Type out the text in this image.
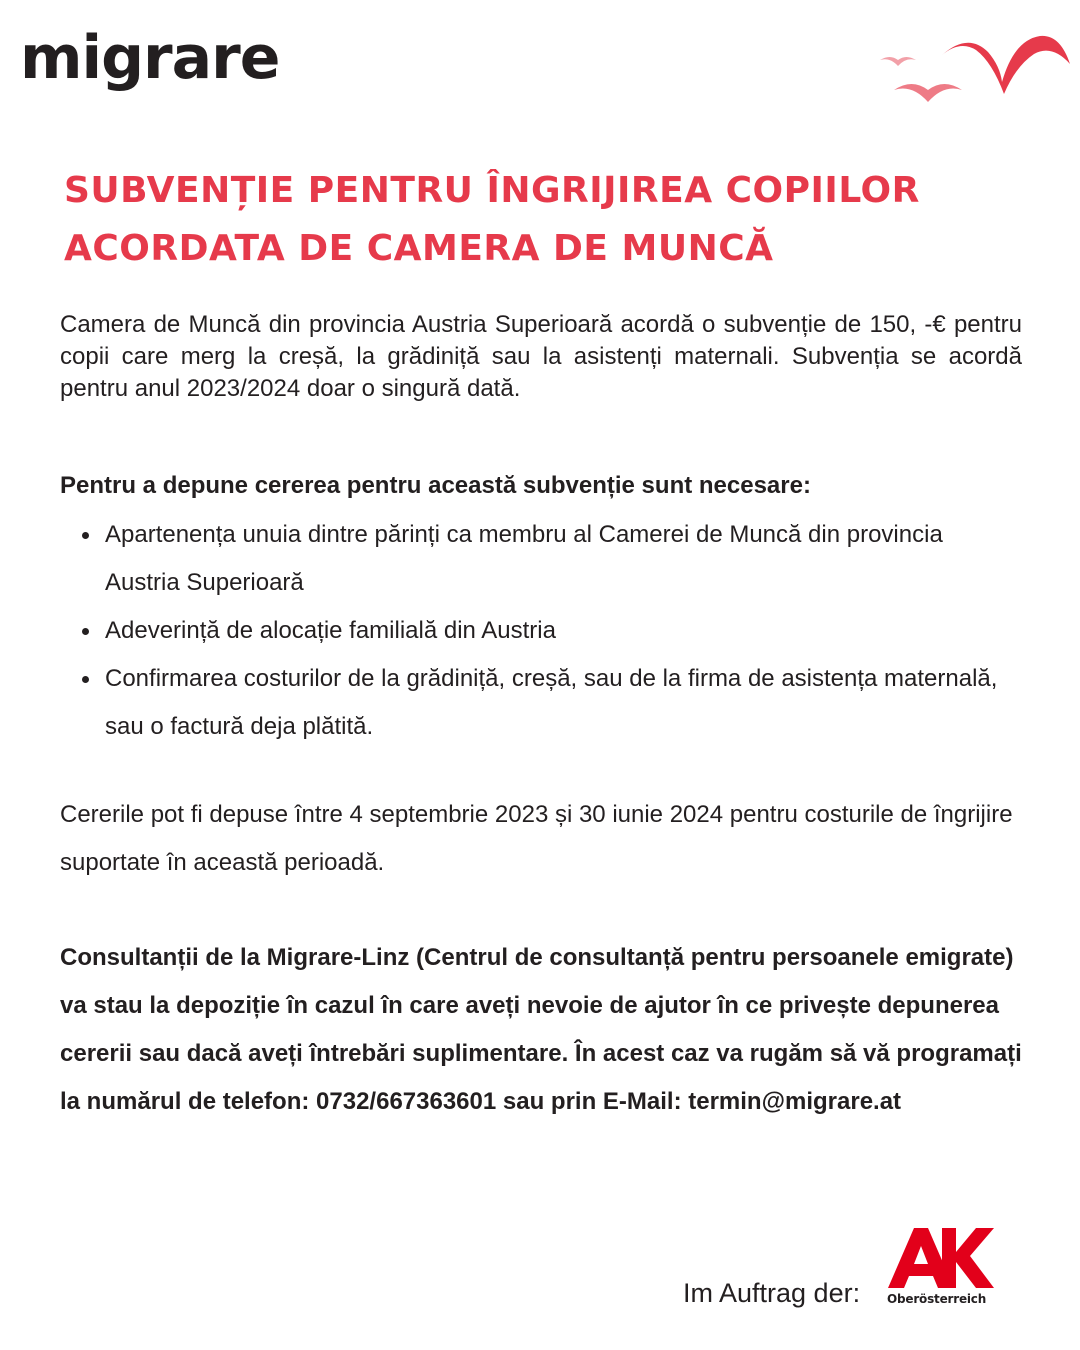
migrare
SUBVENȚIE PENTRU ÎNGRIJIREA COPIILOR
ACORDATA DE CAMERA DE MUNCĂ

Camera de Muncă din provincia Austria Superioară acordă o subvenție de 150, -€ pentru copii care merg la creșă, la grădiniță sau la asistenți maternali. Subvenția se acordă pentru anul 2023/2024 doar o singură dată.

Pentru a depune cererea pentru această subvenție sunt necesare:

Apartenența unuia dintre părinți ca membru al Camerei de Muncă din provincia Austria Superioară
Adeverință de alocație familială din Austria
Confirmarea costurilor de la grădiniță, creșă, sau de la firma de asistența maternală, sau o factură deja plătită.

Cererile pot fi depuse între 4 septembrie 2023 și 30 iunie 2024 pentru costurile de îngrijire suportate în această perioadă.

Consultanții de la Migrare-Linz (Centrul de consultanță pentru persoanele emigrate) va stau la depoziție în cazul în care aveți nevoie de ajutor în ce privește depunerea cererii sau dacă aveți întrebări suplimentare. În acest caz va rugăm să vă programați la numărul de telefon: 0732/667363601 sau prin E-Mail: termin@migrare.at

Im Auftrag der: Oberösterreich
